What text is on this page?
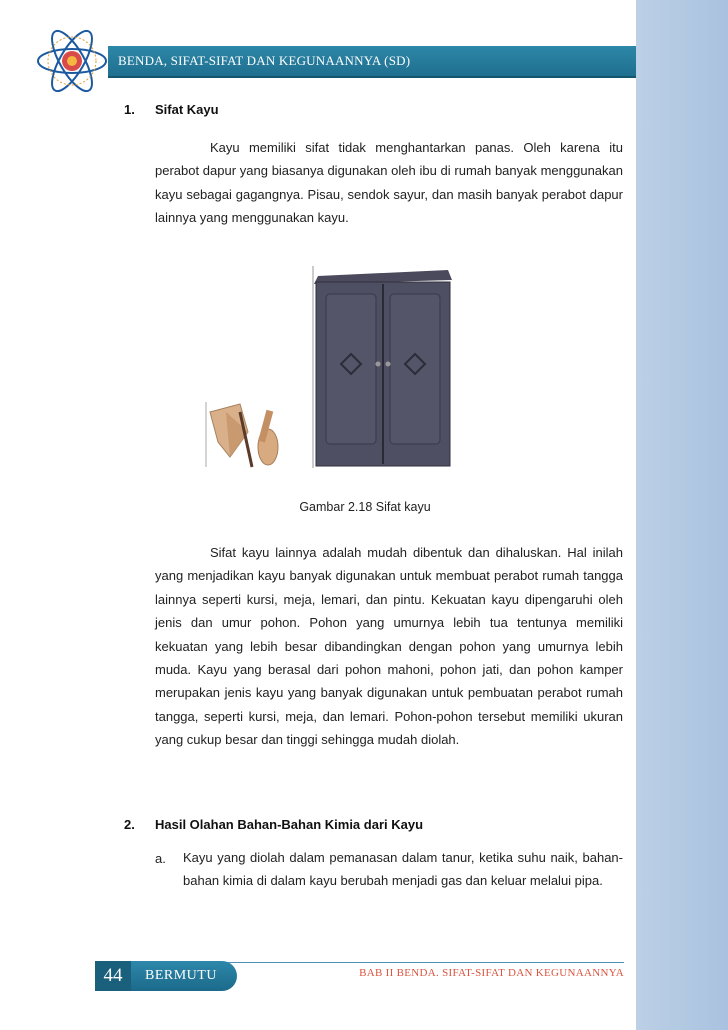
BENDA, SIFAT-SIFAT DAN KEGUNAANNYA (SD)
1. Sifat Kayu

Kayu memiliki sifat tidak menghantarkan panas. Oleh karena itu perabot dapur yang biasanya digunakan oleh ibu di rumah banyak menggunakan kayu sebagai gagangnya. Pisau, sendok sayur, dan masih banyak perabot dapur lainnya yang menggunakan kayu.

Gambar 2.18 Sifat kayu

Sifat kayu lainnya adalah mudah dibentuk dan dihaluskan. Hal inilah yang menjadikan kayu banyak digunakan untuk membuat perabot rumah tangga lainnya seperti kursi, meja, lemari, dan pintu. Kekuatan kayu dipengaruhi oleh jenis dan umur pohon. Pohon yang umurnya lebih tua tentunya memiliki kekuatan yang lebih besar dibandingkan dengan pohon yang umurnya lebih muda. Kayu yang berasal dari pohon mahoni, pohon jati, dan pohon kamper merupakan jenis kayu yang banyak digunakan untuk pembuatan perabot rumah tangga, seperti kursi, meja, dan lemari. Pohon-pohon tersebut memiliki ukuran yang cukup besar dan tinggi sehingga mudah diolah.

2. Hasil Olahan Bahan-Bahan Kimia dari Kayu
a. Kayu yang diolah dalam pemanasan dalam tanur, ketika suhu naik, bahan-bahan kimia di dalam kayu berubah menjadi gas dan keluar melalui pipa.

44	BERMUTU	BAB II BENDA. SIFAT-SIFAT DAN KEGUNAANNYA
